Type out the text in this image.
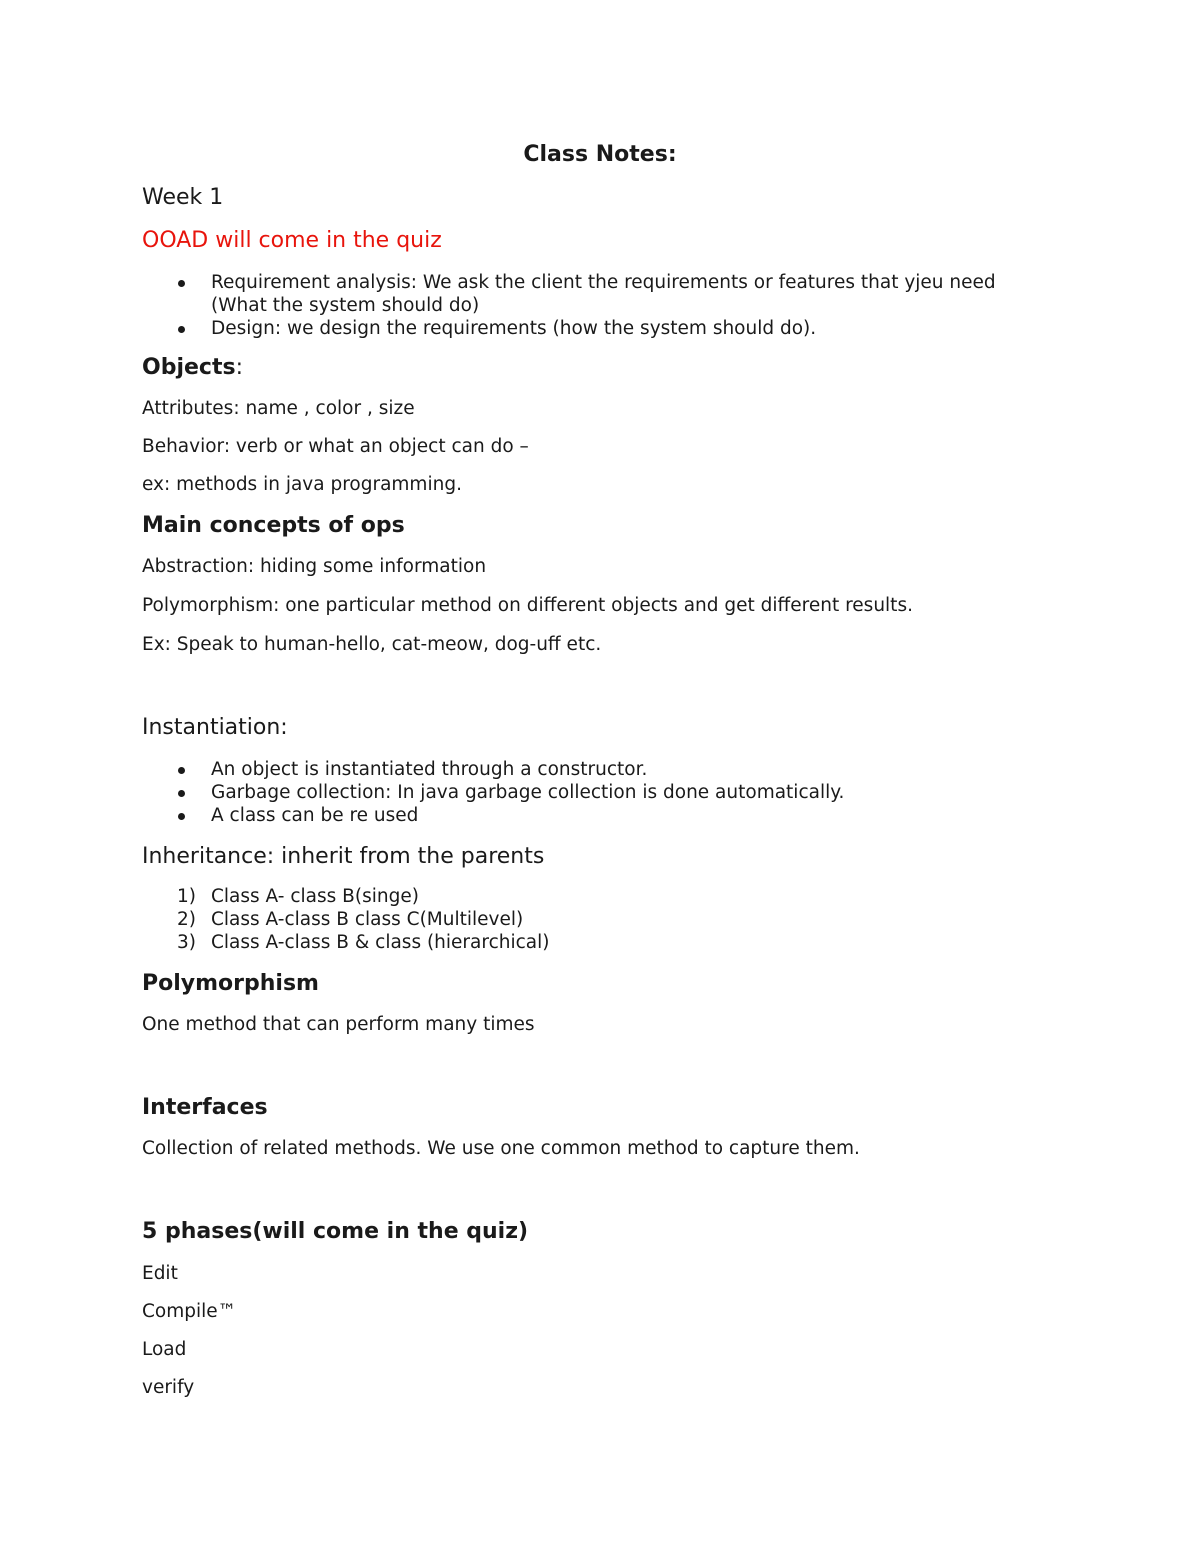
Class Notes:

Week 1

OOAD will come in the quiz

Requirement analysis: We ask the client the requirements or features that yjeu need
(What the system should do)
Design: we design the requirements (how the system should do).

Objects:

Attributes: name , color , size

Behavior: verb or what an object can do –

ex: methods in java programming.

Main concepts of ops

Abstraction: hiding some information

Polymorphism: one particular method on different objects and get different results.

Ex: Speak to human-hello, cat-meow, dog-uff etc.

Instantiation:

An object is instantiated through a constructor.
Garbage collection: In java garbage collection is done automatically.
A class can be re used

Inheritance: inherit from the parents

1) Class A- class B(singe)
2) Class A-class B class C(Multilevel)
3) Class A-class B & class (hierarchical)

Polymorphism

One method that can perform many times

Interfaces

Collection of related methods. We use one common method to capture them.

5 phases(will come in the quiz)

Edit

Compile™

Load

verify
